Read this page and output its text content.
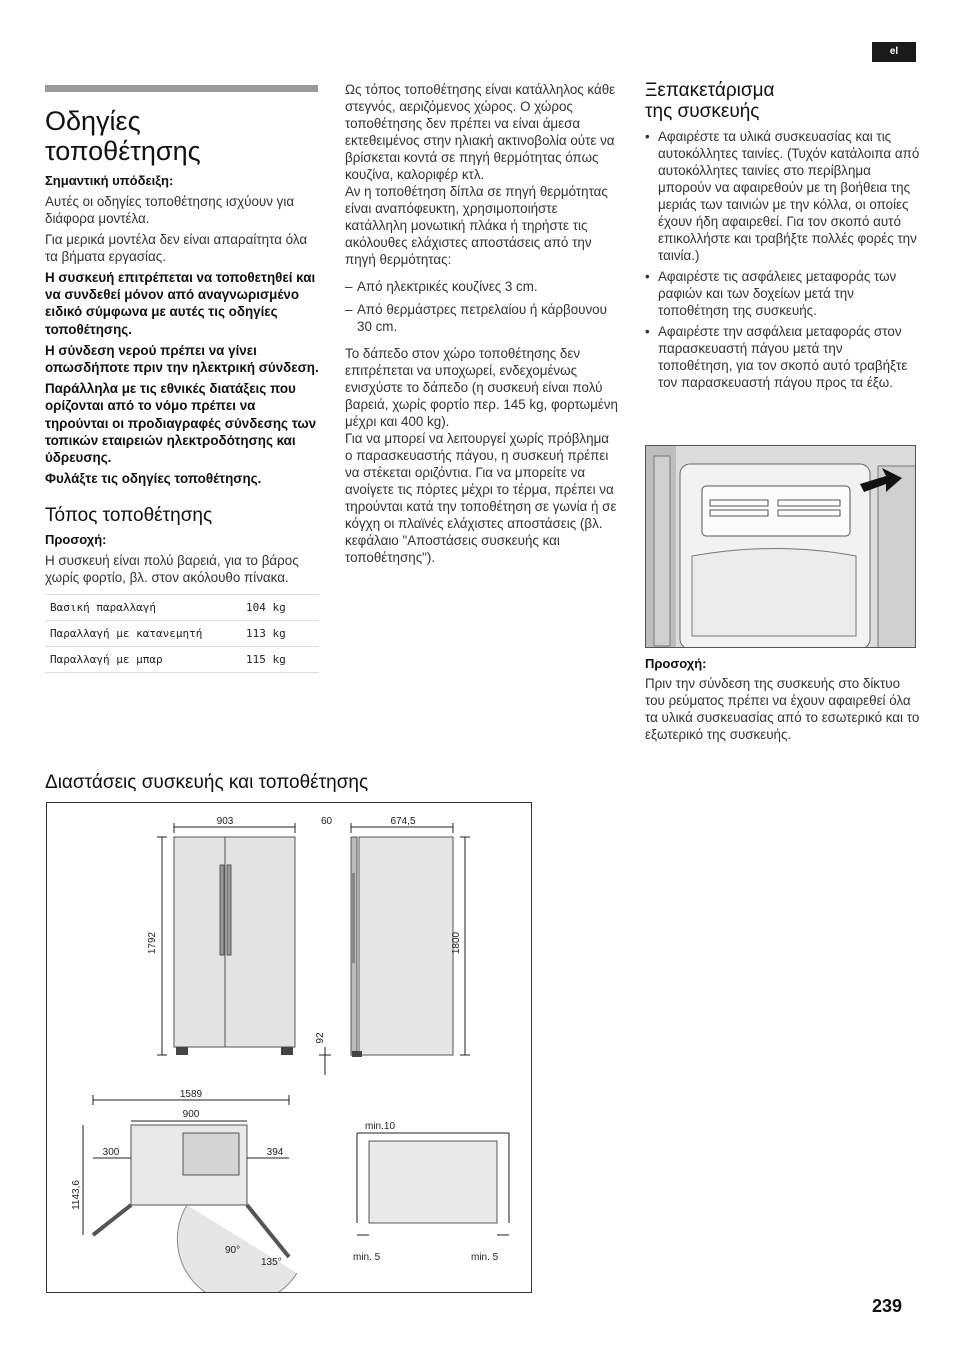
el
Οδηγίες
τοποθέτησης
Σημαντική υπόδειξη:
Αυτές οι οδηγίες τοποθέτησης ισχύουν για διάφορα μοντέλα.
Για μερικά μοντέλα δεν είναι απαραίτητα όλα τα βήματα εργασίας.
Η συσκευή επιτρέπεται να τοποθετηθεί και να συνδεθεί μόνον από αναγνωρισμένο ειδικό σύμφωνα με αυτές τις οδηγίες τοποθέτησης.
Η σύνδεση νερού πρέπει να γίνει οπωσδήποτε πριν την ηλεκτρική σύνδεση.
Παράλληλα με τις εθνικές διατάξεις που ορίζονται από το νόμο πρέπει να τηρούνται οι προδιαγραφές σύνδεσης των τοπικών εταιρειών ηλεκτροδότησης και ύδρευσης.
Φυλάξτε τις οδηγίες τοποθέτησης.
Τόπος τοποθέτησης
Προσοχή:
Η συσκευή είναι πολύ βαρειά, για το βάρος χωρίς φορτίο, βλ. στον ακόλουθο πίνακα.
Βασική παραλλαγή	104 kg
Παραλλαγή με κατανεμητή	113 kg
Παραλλαγή με μπαρ	115 kg
Ως τόπος τοποθέτησης είναι κατάλληλος κάθε στεγνός, αεριζόμενος χώρος. Ο χώρος τοποθέτησης δεν πρέπει να είναι άμεσα εκτεθειμένος στην ηλιακή ακτινοβολία ούτε να βρίσκεται κοντά σε πηγή θερμότητας όπως κουζίνα, καλοριφέρ κτλ.
Αν η τοποθέτηση δίπλα σε πηγή θερμότητας είναι αναπόφευκτη, χρησιμοποιήστε κατάλληλη μονωτική πλάκα ή τηρήστε τις ακόλουθες ελάχιστες αποστάσεις από την πηγή θερμότητας:
– Από ηλεκτρικές κουζίνες 3 cm.
– Από θερμάστρες πετρελαίου ή κάρβουνου 30 cm.
Το δάπεδο στον χώρο τοποθέτησης δεν επιτρέπεται να υποχωρεί, ενδεχομένως ενισχύστε το δάπεδο (η συσκευή είναι πολύ βαρειά, χωρίς φορτίο περ. 145 kg, φορτωμένη μέχρι και 400 kg).
Για να μπορεί να λειτουργεί χωρίς πρόβλημα ο παρασκευαστής πάγου, η συσκευή πρέπει να στέκεται οριζόντια. Για να μπορείτε να ανοίγετε τις πόρτες μέχρι το τέρμα, πρέπει να τηρούνται κατά την τοποθέτηση σε γωνία ή σε κόγχη οι πλαϊνές ελάχιστες αποστάσεις (βλ. κεφάλαιο "Αποστάσεις συσκευής και τοποθέτησης").
Ξεπακετάρισμα
της συσκευής
• Αφαιρέστε τα υλικά συσκευασίας και τις αυτοκόλλητες ταινίες. (Τυχόν κατάλοιπα από αυτοκόλλητες ταινίες στο περίβλημα μπορούν να αφαιρεθούν με τη βοήθεια της μεριάς των ταινιών με την κόλλα, οι οποίες έχουν ήδη αφαιρεθεί. Για τον σκοπό αυτό επικολλήστε και τραβήξτε πολλές φορές την ταινία.)
• Αφαιρέστε τις ασφάλειες μεταφοράς των ραφιών και των δοχείων μετά την τοποθέτηση της συσκευής.
• Αφαιρέστε την ασφάλεια μεταφοράς στον παρασκευαστή πάγου μετά την τοποθέτηση, για τον σκοπό αυτό τραβήξτε τον παρασκευαστή πάγου προς τα έξω.
Προσοχή:
Πριν την σύνδεση της συσκευής στο δίκτυο του ρεύματος πρέπει να έχουν αφαιρεθεί όλα τα υλικά συσκευασίας από το εσωτερικό και το εξωτερικό της συσκευής.
Διαστάσεις συσκευής και τοποθέτησης
903
1792
60	674,5
1800
92
1589
900
300	394
1143,6
90°
135°
min.10
min. 5	min. 5
239
